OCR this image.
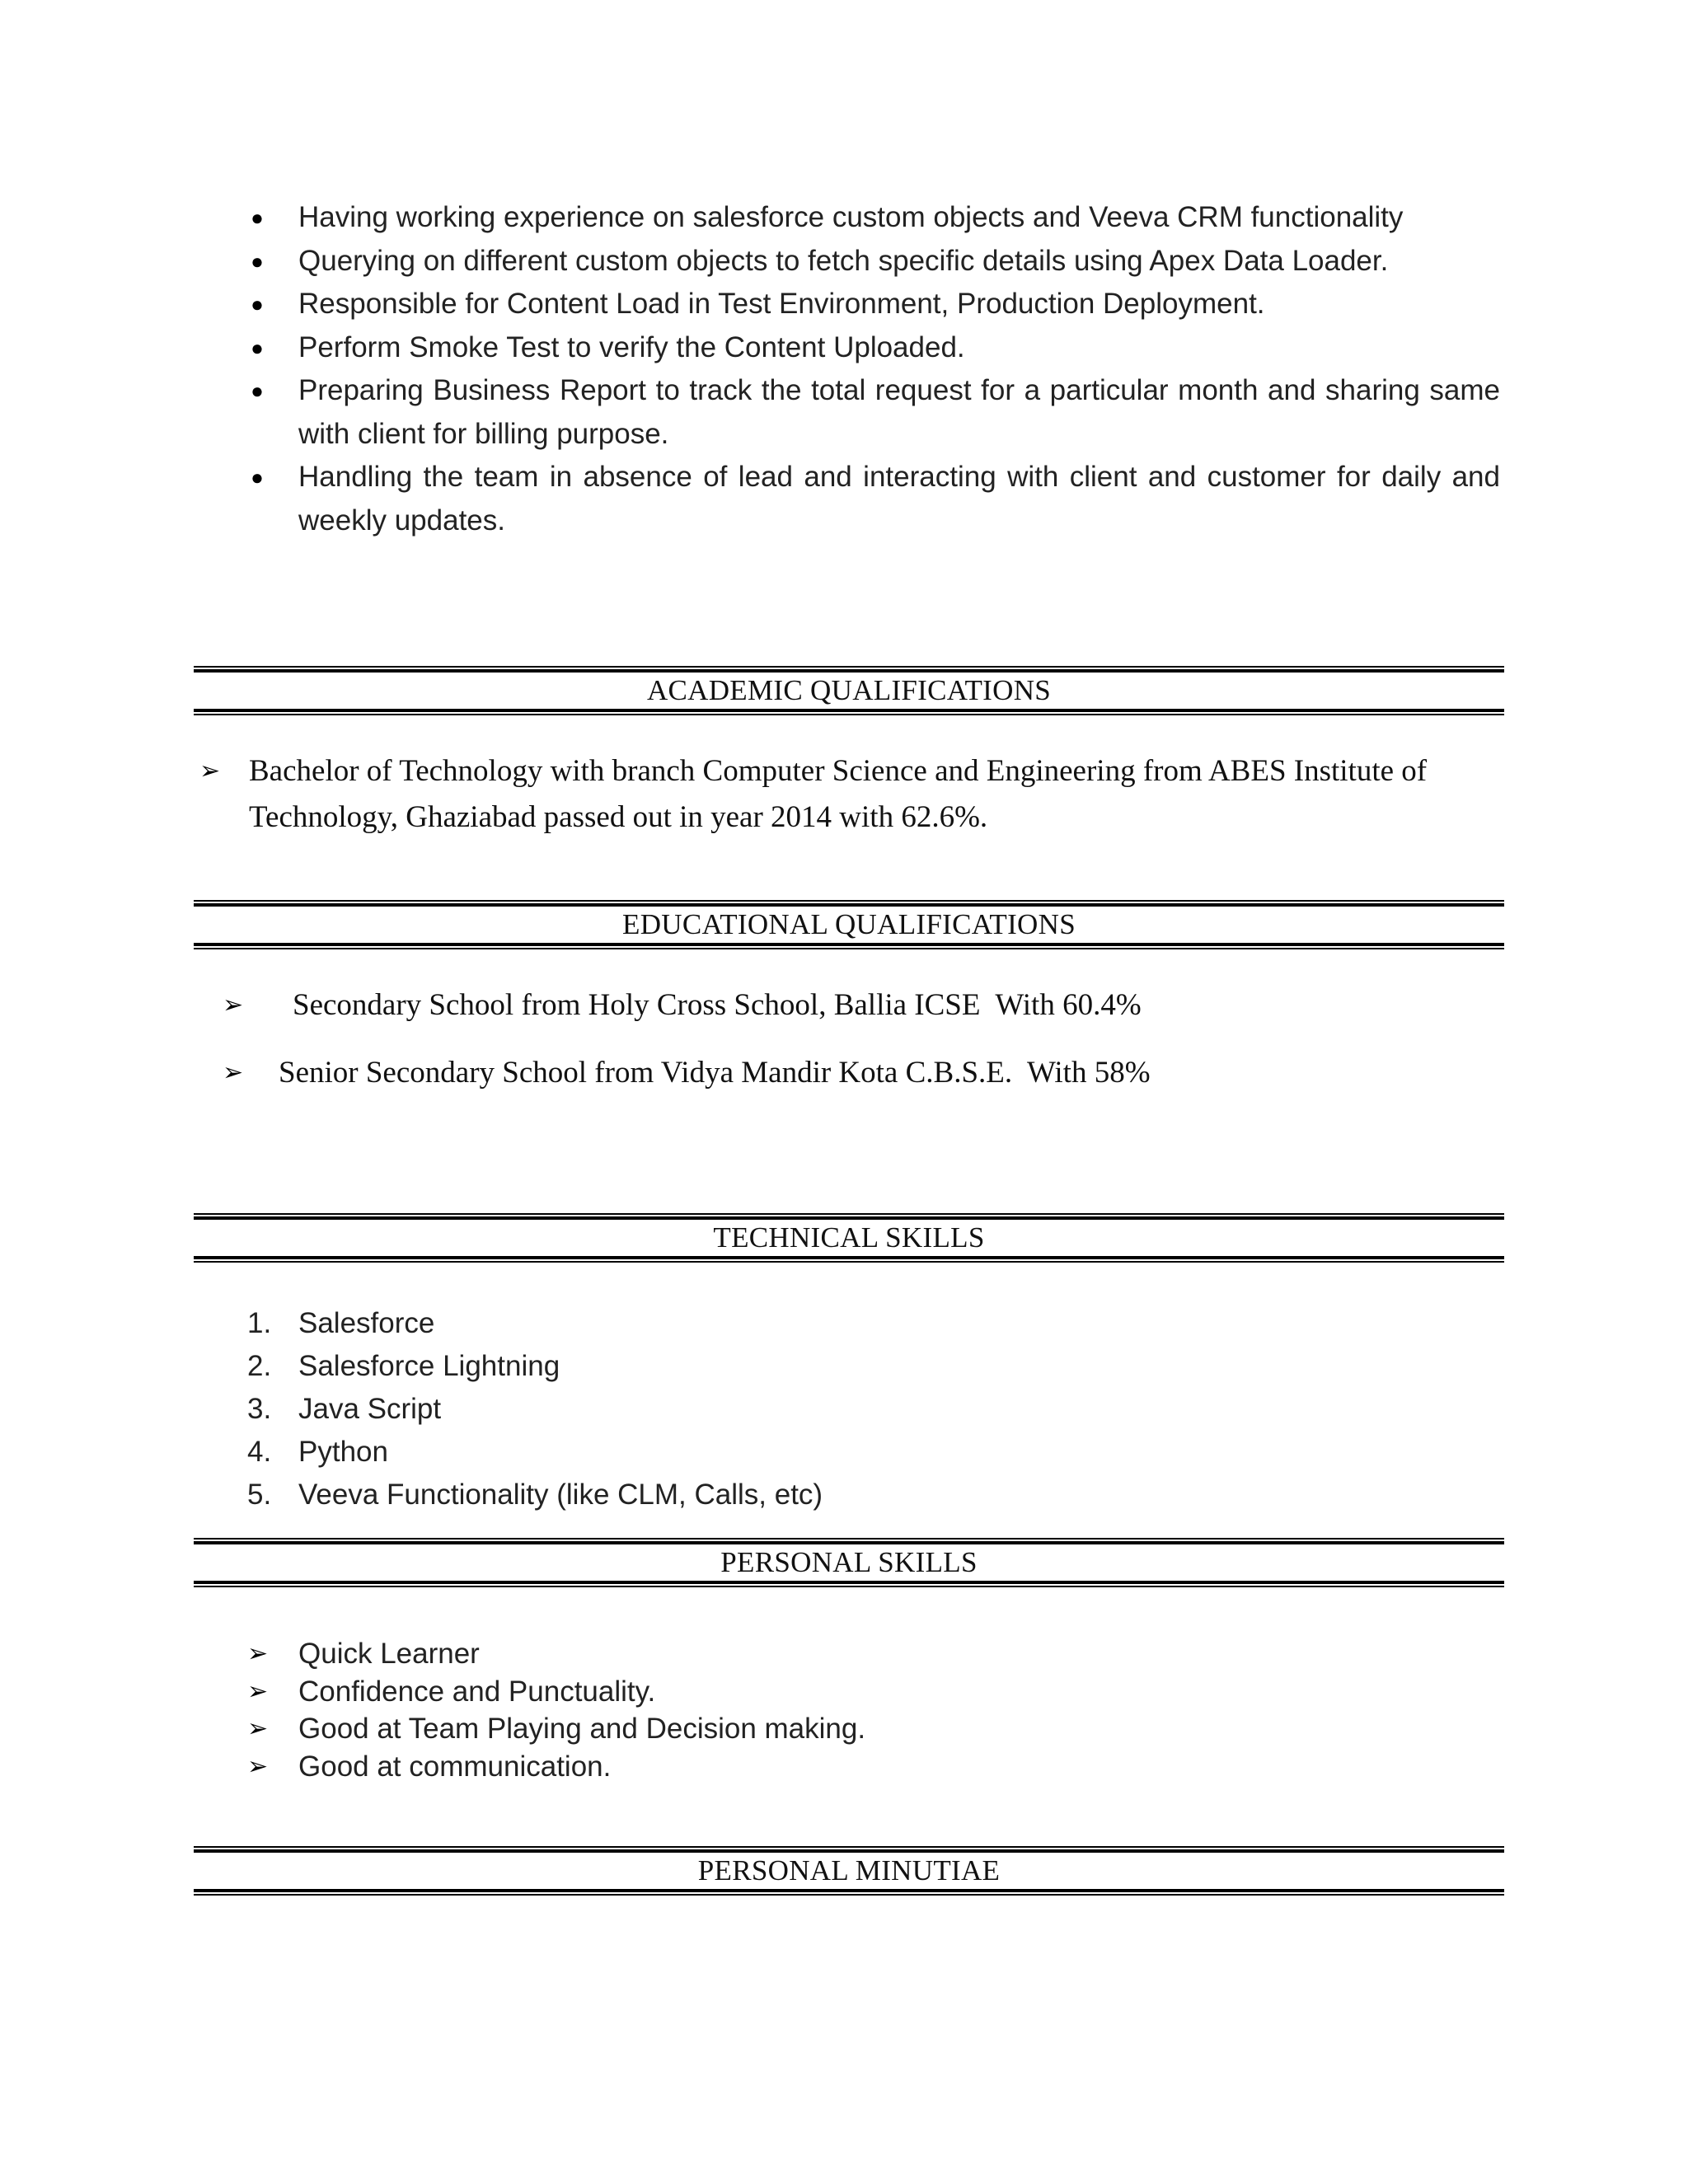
● Having working experience on salesforce custom objects and Veeva CRM functionality
● Querying on different custom objects to fetch specific details using Apex Data Loader.
● Responsible for Content Load in Test Environment, Production Deployment.
● Perform Smoke Test to verify the Content Uploaded.
● Preparing Business Report to track the total request for a particular month and sharing same with client for billing purpose.
● Handling the team in absence of lead and interacting with client and customer for daily and weekly updates.
ACADEMIC QUALIFICATIONS
➢ Bachelor of Technology with branch Computer Science and Engineering from ABES Institute of Technology, Ghaziabad passed out in year 2014 with 62.6%.
EDUCATIONAL QUALIFICATIONS
➢ Secondary School from Holy Cross School, Ballia ICSE  With 60.4%
➢ Senior Secondary School from Vidya Mandir Kota C.B.S.E.  With 58%
TECHNICAL SKILLS
1. Salesforce
2. Salesforce Lightning
3. Java Script
4. Python
5. Veeva Functionality (like CLM, Calls, etc)
PERSONAL SKILLS
➢ Quick Learner
➢ Confidence and Punctuality.
➢ Good at Team Playing and Decision making.
➢ Good at communication.
PERSONAL MINUTIAE
